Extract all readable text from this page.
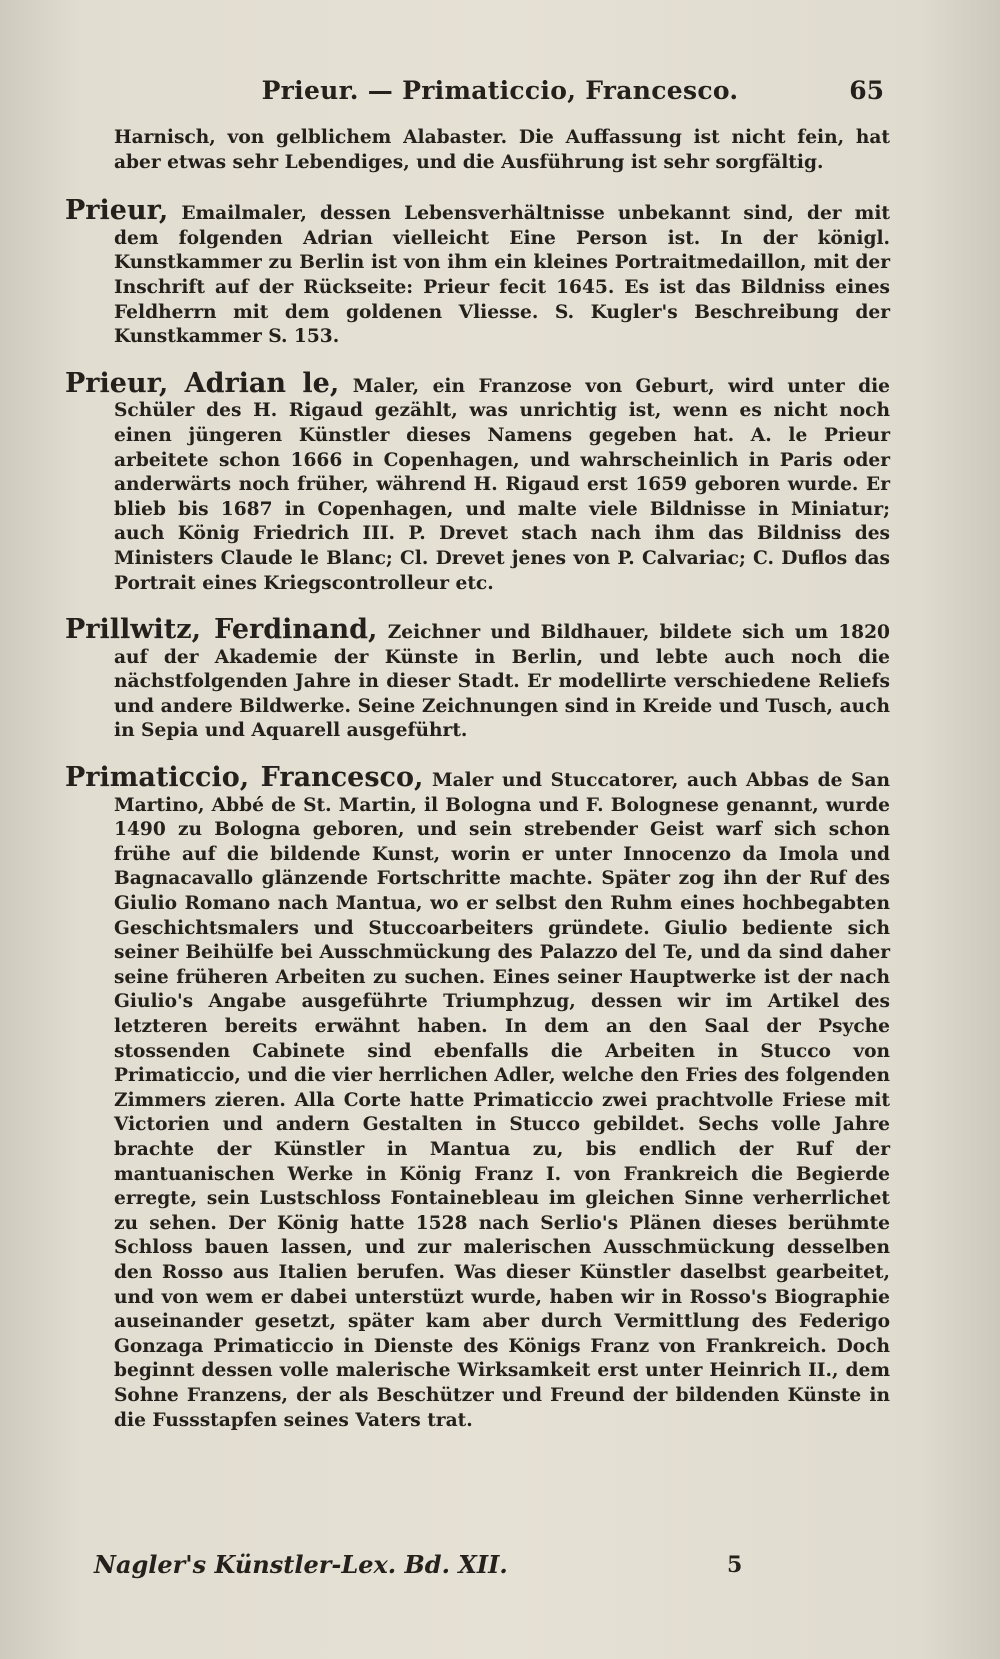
Prieur. — Primaticcio, Francesco.	65

Harnisch, von gelblichem Alabaster. Die Auffassung ist nicht fein, hat aber etwas sehr Lebendiges, und die Ausführung ist sehr sorgfältig.

Prieur, Emailmaler, dessen Lebensverhältnisse unbekannt sind, der mit dem folgenden Adrian vielleicht Eine Person ist. In der königl. Kunstkammer zu Berlin ist von ihm ein kleines Portraitmedaillon, mit der Inschrift auf der Rückseite: Prieur fecit 1645. Es ist das Bildniss eines Feldherrn mit dem goldenen Vliesse. S. Kugler's Beschreibung der Kunstkammer S. 153.

Prieur, Adrian le, Maler, ein Franzose von Geburt, wird unter die Schüler des H. Rigaud gezählt, was unrichtig ist, wenn es nicht noch einen jüngeren Künstler dieses Namens gegeben hat. A. le Prieur arbeitete schon 1666 in Copenhagen, und wahrscheinlich in Paris oder anderwärts noch früher, während H. Rigaud erst 1659 geboren wurde. Er blieb bis 1687 in Copenhagen, und malte viele Bildnisse in Miniatur; auch König Friedrich III. P. Drevet stach nach ihm das Bildniss des Ministers Claude le Blanc; Cl. Drevet jenes von P. Calvariac; C. Duflos das Portrait eines Kriegscontrolleur etc.

Prillwitz, Ferdinand, Zeichner und Bildhauer, bildete sich um 1820 auf der Akademie der Künste in Berlin, und lebte auch noch die nächstfolgenden Jahre in dieser Stadt. Er modellirte verschiedene Reliefs und andere Bildwerke. Seine Zeichnungen sind in Kreide und Tusch, auch in Sepia und Aquarell ausgeführt.

Primaticcio, Francesco, Maler und Stuccatorer, auch Abbas de San Martino, Abbé de St. Martin, il Bologna und F. Bolognese genannt, wurde 1490 zu Bologna geboren, und sein strebender Geist warf sich schon frühe auf die bildende Kunst, worin er unter Innocenzo da Imola und Bagnacavallo glänzende Fortschritte machte. Später zog ihn der Ruf des Giulio Romano nach Mantua, wo er selbst den Ruhm eines hochbegabten Geschichtsmalers und Stuccoarbeiters gründete. Giulio bediente sich seiner Beihülfe bei Ausschmückung des Palazzo del Te, und da sind daher seine früheren Arbeiten zu suchen. Eines seiner Hauptwerke ist der nach Giulio's Angabe ausgeführte Triumphzug, dessen wir im Artikel des letzteren bereits erwähnt haben. In dem an den Saal der Psyche stossenden Cabinete sind ebenfalls die Arbeiten in Stucco von Primaticcio, und die vier herrlichen Adler, welche den Fries des folgenden Zimmers zieren. Alla Corte hatte Primaticcio zwei prachtvolle Friese mit Victorien und andern Gestalten in Stucco gebildet. Sechs volle Jahre brachte der Künstler in Mantua zu, bis endlich der Ruf der mantuanischen Werke in König Franz I. von Frankreich die Begierde erregte, sein Lustschloss Fontainebleau im gleichen Sinne verherrlichet zu sehen. Der König hatte 1528 nach Serlio's Plänen dieses berühmte Schloss bauen lassen, und zur malerischen Ausschmückung desselben den Rosso aus Italien berufen. Was dieser Künstler daselbst gearbeitet, und von wem er dabei unterstüzt wurde, haben wir in Rosso's Biographie auseinander gesetzt, später kam aber durch Vermittlung des Federigo Gonzaga Primaticcio in Dienste des Königs Franz von Frankreich. Doch beginnt dessen volle malerische Wirksamkeit erst unter Heinrich II., dem Sohne Franzens, der als Beschützer und Freund der bildenden Künste in die Fussstapfen seines Vaters trat.

Nagler's Künstler-Lex. Bd. XII.	5
